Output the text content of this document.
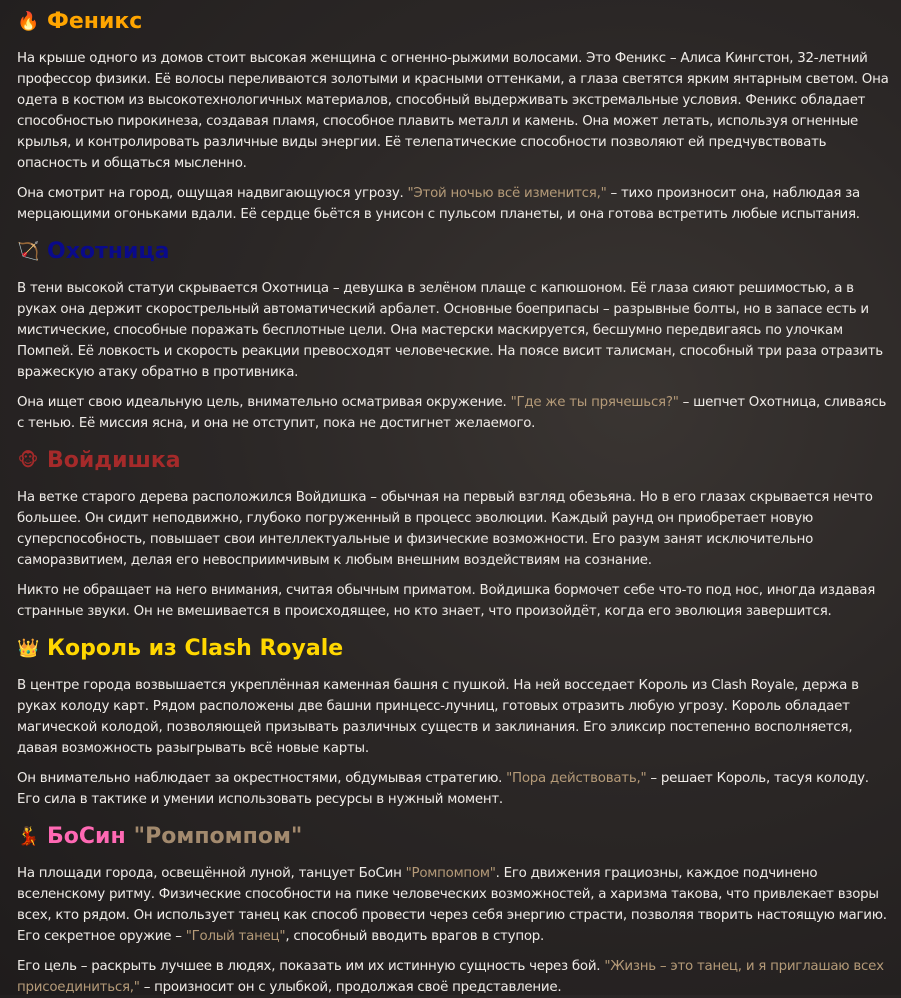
🔥 Феникс

На крыше одного из домов стоит высокая женщина с огненно-рыжими волосами. Это Феникс – Алиса Кингстон, 32-летний профессор физики. Её волосы переливаются золотыми и красными оттенками, а глаза светятся ярким янтарным светом. Она одета в костюм из высокотехнологичных материалов, способный выдерживать экстремальные условия. Феникс обладает способностью пирокинеза, создавая пламя, способное плавить металл и камень. Она может летать, используя огненные крылья, и контролировать различные виды энергии. Её телепатические способности позволяют ей предчувствовать опасность и общаться мысленно.

Она смотрит на город, ощущая надвигающуюся угрозу. "Этой ночью всё изменится," – тихо произносит она, наблюдая за мерцающими огоньками вдали. Её сердце бьётся в унисон с пульсом планеты, и она готова встретить любые испытания.

🏹 Охотница

В тени высокой статуи скрывается Охотница – девушка в зелёном плаще с капюшоном. Её глаза сияют решимостью, а в руках она держит скорострельный автоматический арбалет. Основные боеприпасы – разрывные болты, но в запасе есть и мистические, способные поражать бесплотные цели. Она мастерски маскируется, бесшумно передвигаясь по улочкам Помпей. Её ловкость и скорость реакции превосходят человеческие. На поясе висит талисман, способный три раза отразить вражескую атаку обратно в противника.

Она ищет свою идеальную цель, внимательно осматривая окружение. "Где же ты прячешься?" – шепчет Охотница, сливаясь с тенью. Её миссия ясна, и она не отступит, пока не достигнет желаемого.

🐵 Войдишка

На ветке старого дерева расположился Войдишка – обычная на первый взгляд обезьяна. Но в его глазах скрывается нечто большее. Он сидит неподвижно, глубоко погруженный в процесс эволюции. Каждый раунд он приобретает новую суперспособность, повышает свои интеллектуальные и физические возможности. Его разум занят исключительно саморазвитием, делая его невосприимчивым к любым внешним воздействиям на сознание.

Никто не обращает на него внимания, считая обычным приматом. Войдишка бормочет себе что-то под нос, иногда издавая странные звуки. Он не вмешивается в происходящее, но кто знает, что произойдёт, когда его эволюция завершится.

👑 Король из Clash Royale

В центре города возвышается укреплённая каменная башня с пушкой. На ней восседает Король из Clash Royale, держа в руках колоду карт. Рядом расположены две башни принцесс-лучниц, готовых отразить любую угрозу. Король обладает магической колодой, позволяющей призывать различных существ и заклинания. Его эликсир постепенно восполняется, давая возможность разыгрывать всё новые карты.

Он внимательно наблюдает за окрестностями, обдумывая стратегию. "Пора действовать," – решает Король, тасуя колоду. Его сила в тактике и умении использовать ресурсы в нужный момент.

💃 БоСин "Ромпомпом"

На площади города, освещённой луной, танцует БоСин "Ромпомпом". Его движения грациозны, каждое подчинено вселенскому ритму. Физические способности на пике человеческих возможностей, а харизма такова, что привлекает взоры всех, кто рядом. Он использует танец как способ провести через себя энергию страсти, позволяя творить настоящую магию. Его секретное оружие – "Голый танец", способный вводить врагов в ступор.

Его цель – раскрыть лучшее в людях, показать им их истинную сущность через бой. "Жизнь – это танец, и я приглашаю всех присоединиться," – произносит он с улыбкой, продолжая своё представление.
